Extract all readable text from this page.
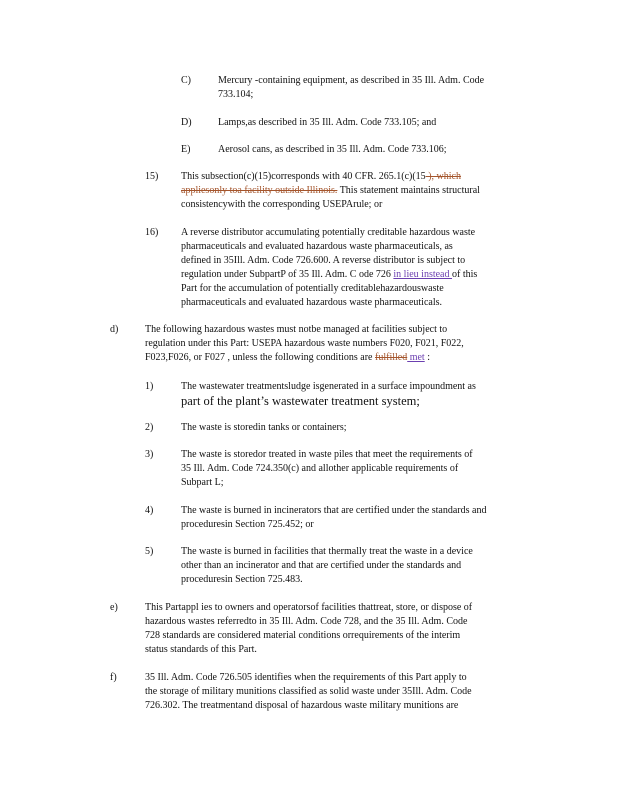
C)	Mercury -containing equipment, as described in 35 Ill. Adm. Code
733.104;
D)	Lamps,as described in 35 Ill. Adm. Code 733.105; and
E)	Aerosol cans, as described in 35 Ill. Adm. Code 733.106;
15) This subsection(c)(15)corresponds with 40 CFR. 265.1(c)(15 ), which
appliesonly toa facility outside Illinois. This statement maintains structural
consistencywith the corresponding USEPArule; or
16) A reverse distributor accumulating potentially creditable hazardous waste
pharmaceuticals and evaluated hazardous waste pharmaceuticals, as
defined in 35Ill. Adm. Code 726.600. A reverse distributor is subject to
regulation under SubpartP of 35 Ill. Adm. C ode 726 in lieu instead of this
Part for the accumulation of potentially creditablehazardouswaste
pharmaceuticals and evaluated hazardous waste pharmaceuticals.
d)	The following hazardous wastes must notbe managed at facilities subject to
regulation under this Part: USEPA hazardous waste numbers F020, F021, F022,
F023,F026, or F027 , unless the following conditions are fulfilled met :
1)	The wastewater treatmentsludge isgenerated in a surface impoundment as
part of the plant’s wastewater treatment system;
2)	The waste is storedin tanks or containers;
3)	The waste is storedor treated in waste piles that meet the requirements of
35 Ill. Adm. Code 724.350(c) and allother applicable requirements of
Subpart L;
4)	The waste is burned in incinerators that are certified under the standards and
proceduresin Section 725.452; or
5)	The waste is burned in facilities that thermally treat the waste in a device
other than an incinerator and that are certified under the standards and
proceduresin Section 725.483.
e)	This Partappl ies to owners and operatorsof facilities thattreat, store, or dispose of
hazardous wastes referredto in 35 Ill. Adm. Code 728, and the 35 Ill. Adm. Code
728 standards are considered material conditions orrequirements of the interim
status standards of this Part.
f)	35 Ill. Adm. Code 726.505 identifies when the requirements of this Part apply to
the storage of military munitions classified as solid waste under 35Ill. Adm. Code
726.302. The treatmentand disposal of hazardous waste military munitions are
